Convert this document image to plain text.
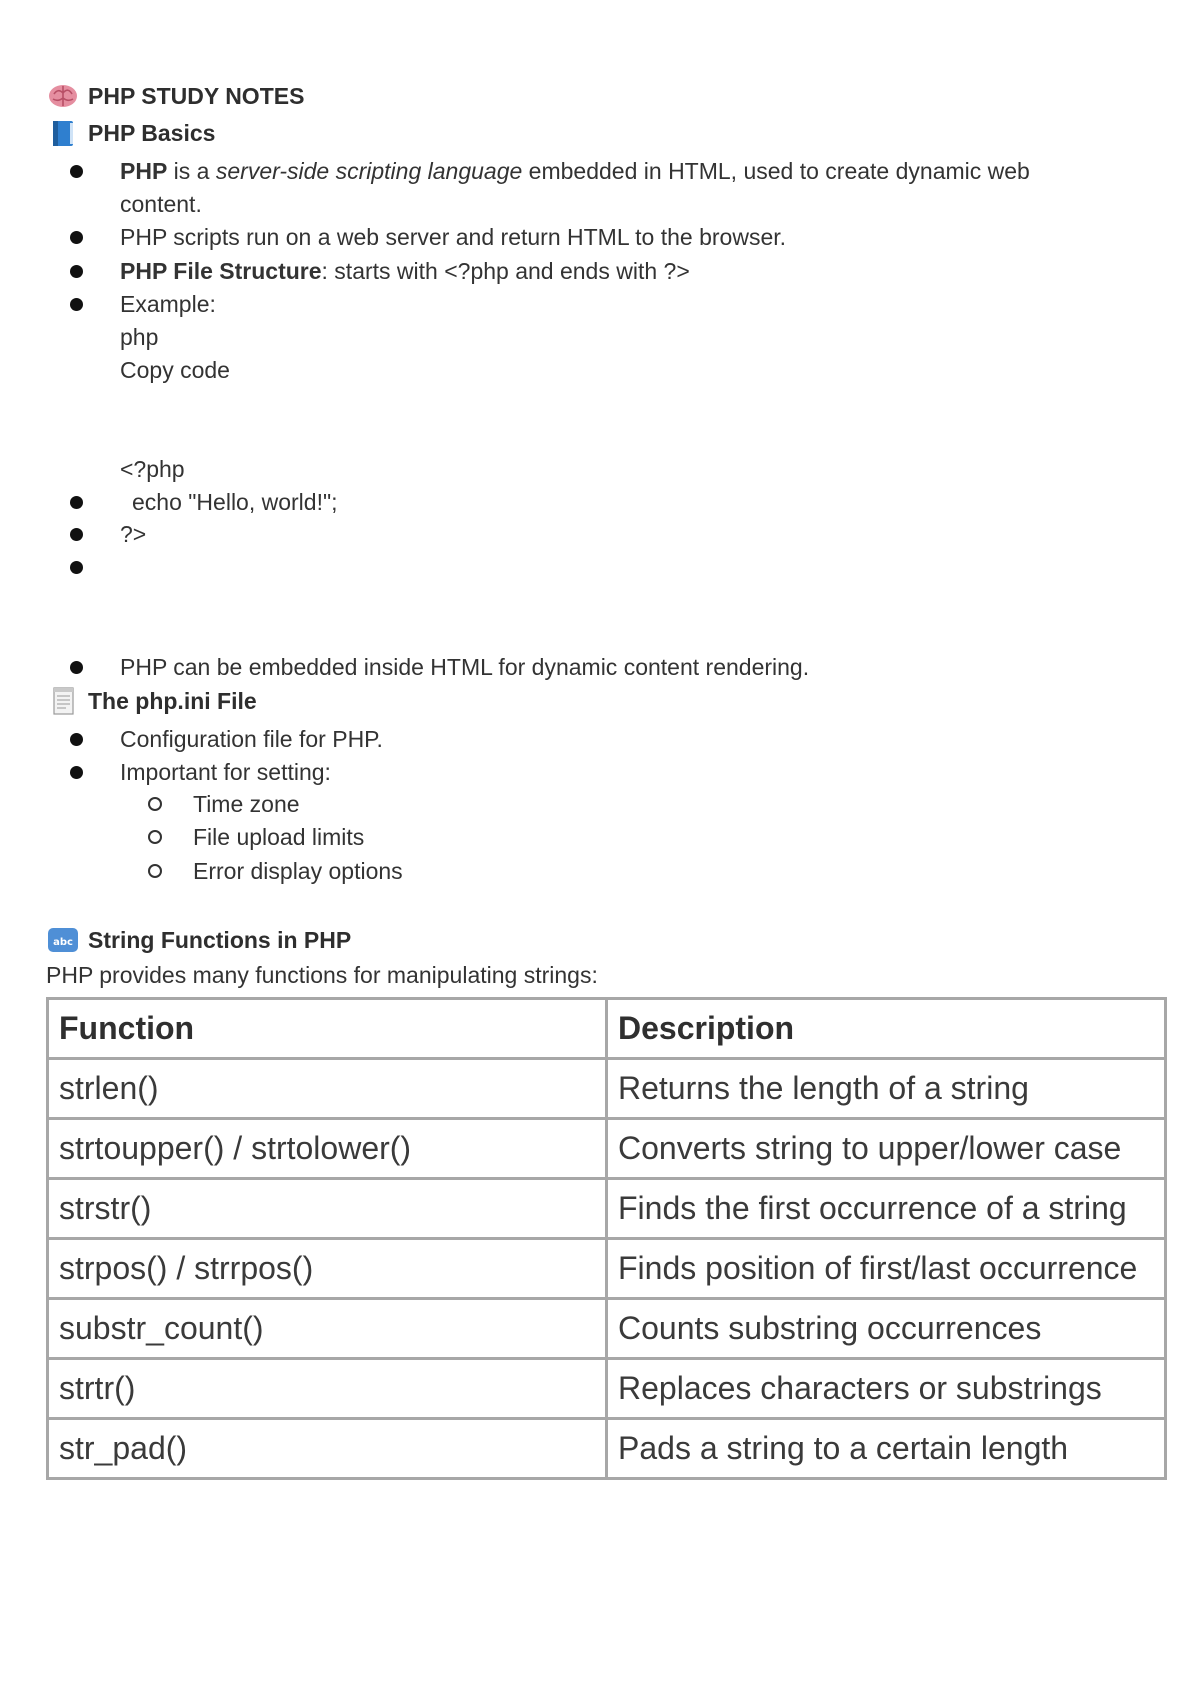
PHP STUDY NOTES
PHP Basics
PHP is a server-side scripting language embedded in HTML, used to create dynamic web
content.
PHP scripts run on a web server and return HTML to the browser.
PHP File Structure: starts with <?php and ends with ?>
Example:
php
Copy code
<?php
echo "Hello, world!";
?>
PHP can be embedded inside HTML for dynamic content rendering.
The php.ini File
Configuration file for PHP.
Important for setting:
Time zone
File upload limits
Error display options
abc String Functions in PHP
PHP provides many functions for manipulating strings:
Function	Description
strlen()	Returns the length of a string
strtoupper() / strtolower()	Converts string to upper/lower case
strstr()	Finds the first occurrence of a string
strpos() / strrpos()	Finds position of first/last occurrence
substr_count()	Counts substring occurrences
strtr()	Replaces characters or substrings
str_pad()	Pads a string to a certain length
